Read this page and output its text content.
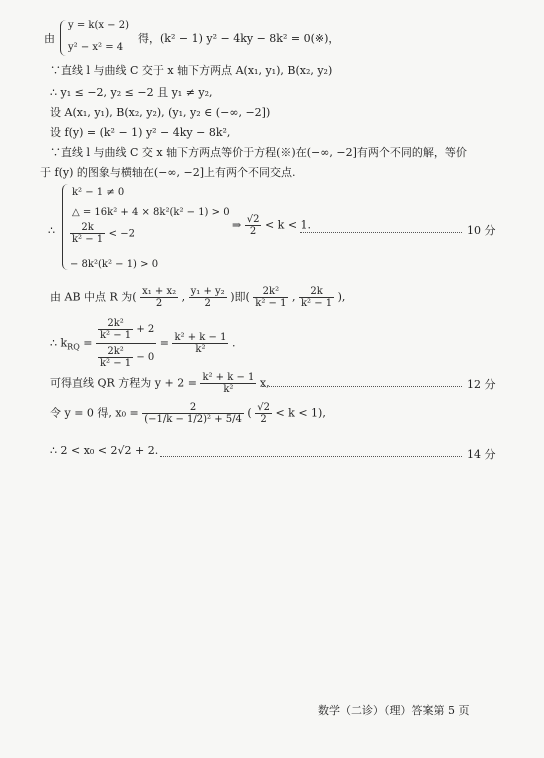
由
y = k(x − 2)
y² − x² = 4
得，(k² − 1) y² − 4ky − 8k² = 0(※)，
∵直线 l 与曲线 C 交于 x 轴下方两点 A(x₁, y₁), B(x₂, y₂)
∴ y₁ ≤ −2, y₂ ≤ −2 且 y₁ ≠ y₂,
设 A(x₁, y₁), B(x₂, y₂), (y₁, y₂ ∈ (−∞, −2])
设 f(y) = (k² − 1) y² − 4ky − 8k²,
∵直线 l 与曲线 C 交 x 轴下方两点等价于方程(※)在(−∞, −2]有两个不同的解，等价
于 f(y) 的图象与横轴在(−∞, −2]上有两个不同交点.
∴
k² − 1 ≠ 0
△ = 16k² + 4 × 8k²(k² − 1) > 0
$\frac{2k}{\text{k² − 1}} < -2$
− 8k²(k² − 1) > 0
⇒ $\frac{√2}{2} < k < 1$.	10 分
由 AB 中点 R 为( $\frac{\text{x₁ + x₂}}{2}$ , $\frac{\text{y₁ + y₂}}{2}$ )即( $\frac{\text{2k²}}{\text{k² − 1}}$ , $\frac{2k}{\text{k² − 1}}$ ),
∴ $k_{RQ} = \frac{\frac{\text{2k²}}{\text{k² − 1}} + 2}{\frac{\text{2k²}}{\text{k² − 1}} - 0} = \frac{\text{k² + k − 1}}{\text{k²}}$ .
可得直线 QR 方程为 $y + 2 = \frac{\text{k² + k − 1}}{\text{k²}} x$,	12 分
令 y = 0 得, $x_0 = \frac{2}{\text{(−1/k − 1/2)² + 5/4}}$ ( $\frac{√2}{2} < k < 1$),
∴ 2 < x₀ < 2√2 + 2.	14 分
数学（二诊）（理）答案第 5 页
